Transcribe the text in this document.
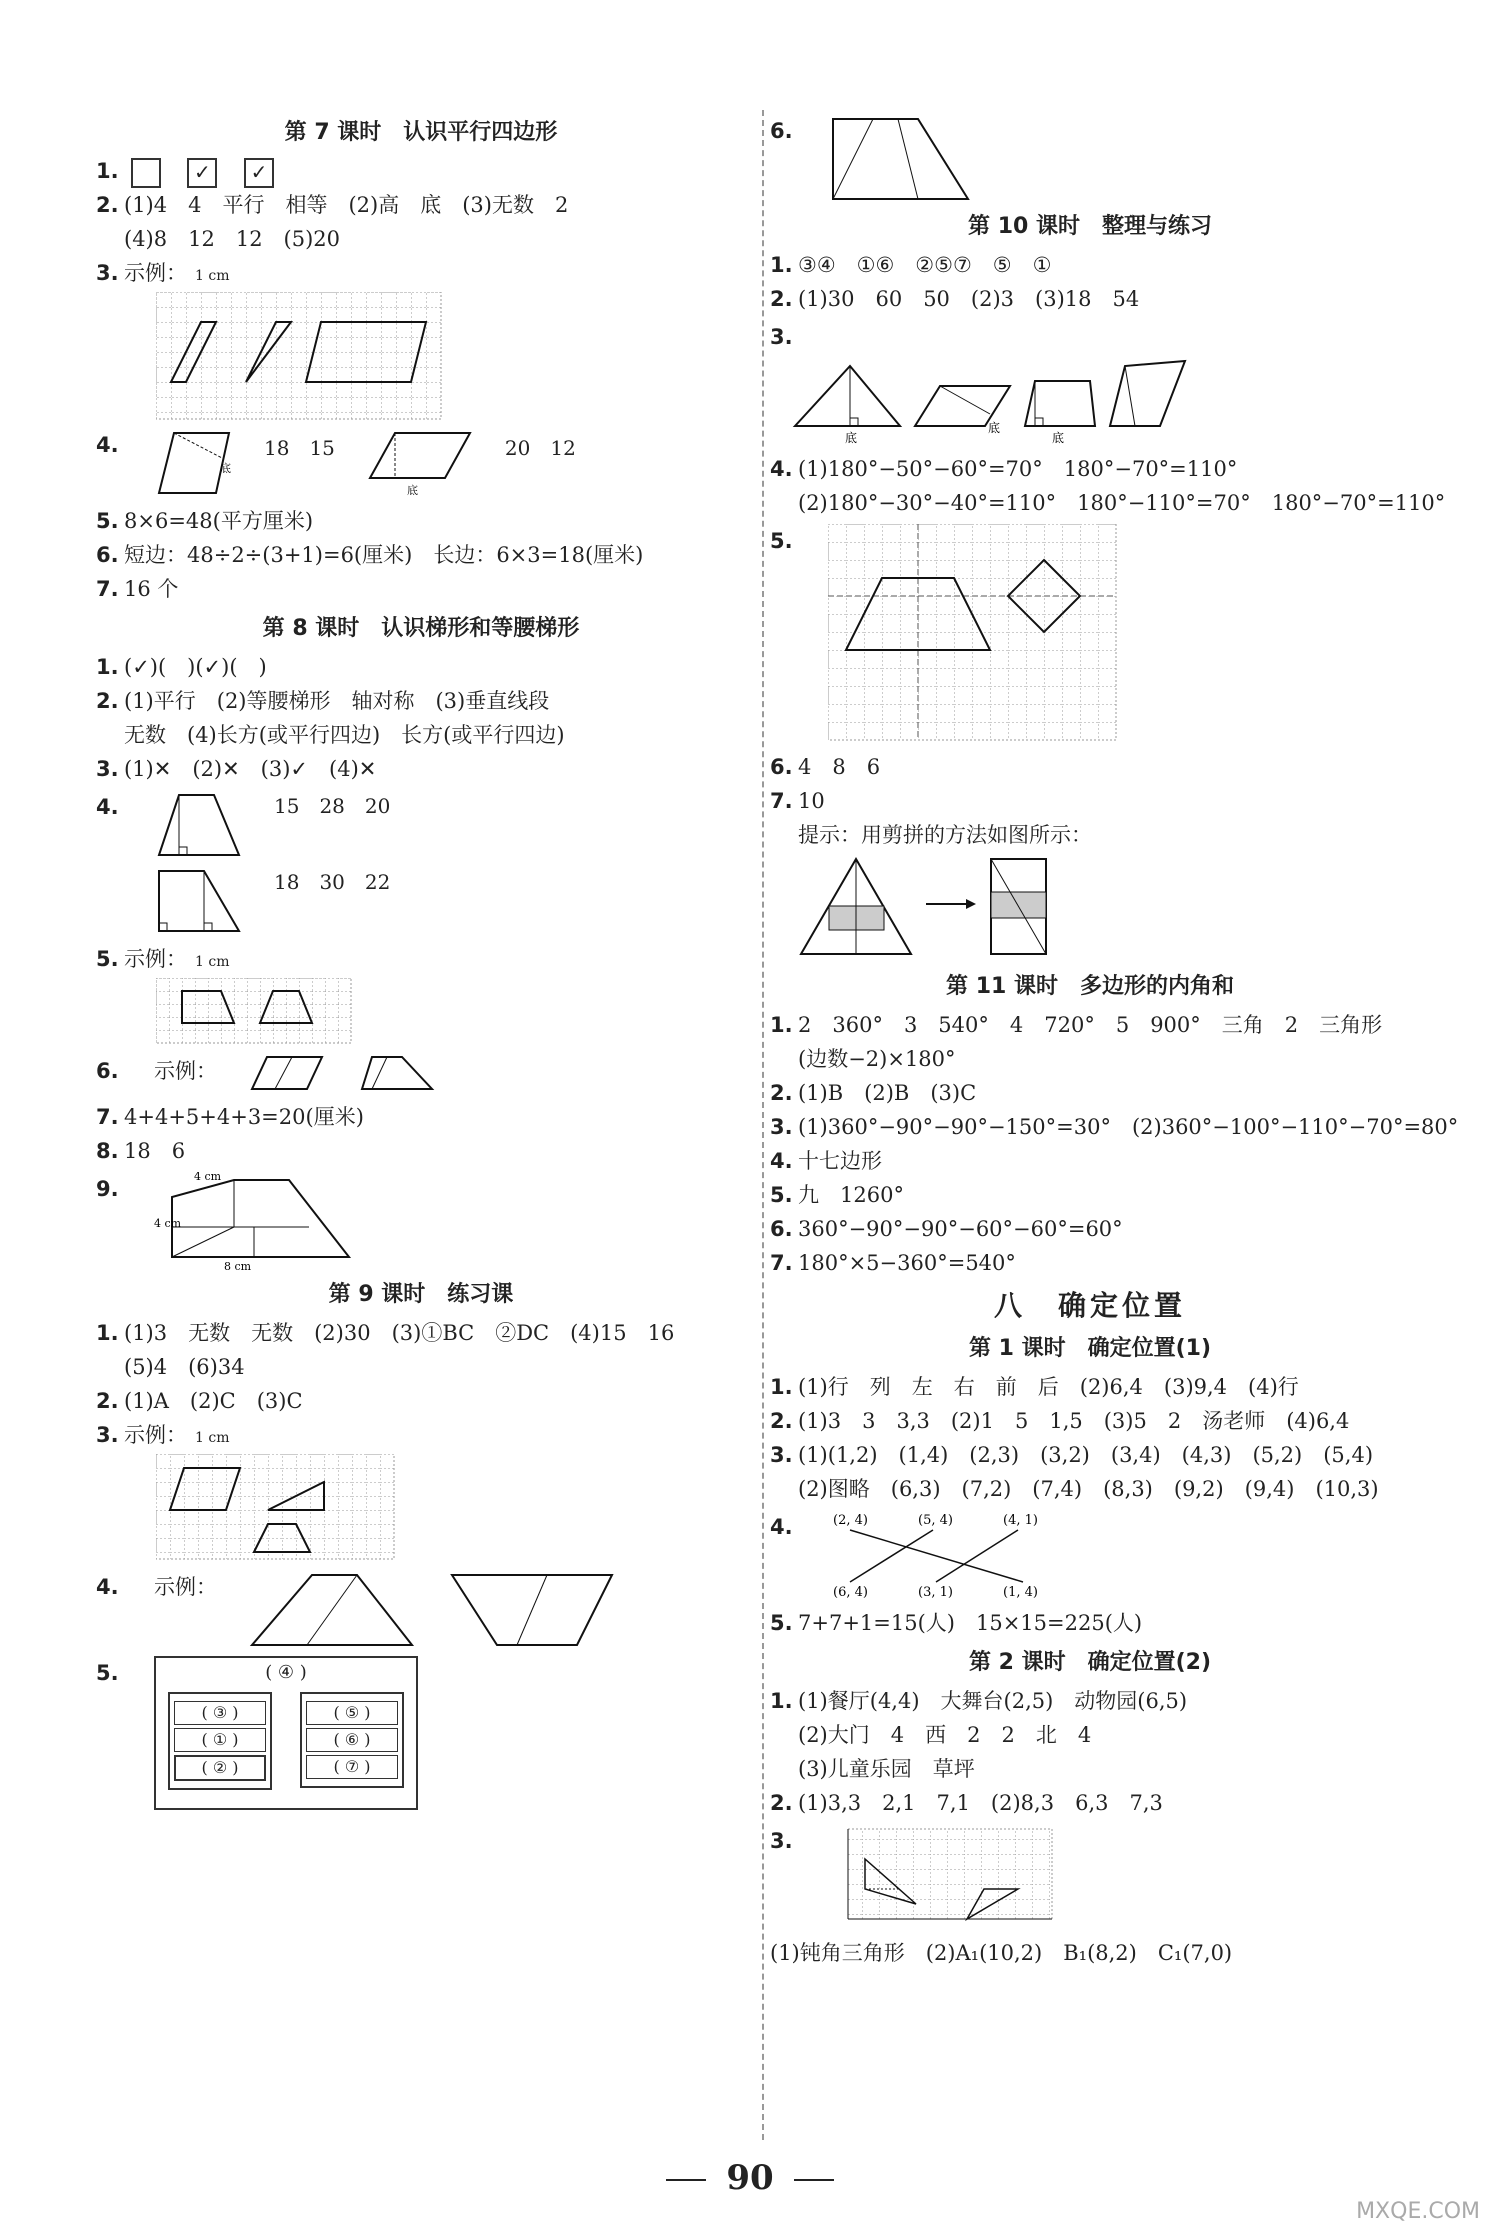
第 7 课时　认识平行四边形
1.	✓ ✓
2. (1)4　4　平行　相等　(2)高　底　(3)无数　2
(4)8　12　12　(5)20
3. 示例： 1 cm
4.
底
18　15
底
20　12
5. 8×6=48(平方厘米)
6. 短边：48÷2÷(3+1)=6(厘米)　长边：6×3=18(厘米)
7. 16 个
第 8 课时　认识梯形和等腰梯形
1. (✓)(　)(✓)(　)
2. (1)平行　(2)等腰梯形　轴对称　(3)垂直线段
无数　(4)长方(或平行四边)　长方(或平行四边)
3. (1)✕　(2)✕　(3)✓　(4)✕
4.	15　28　20
18　30　22
5. 示例： 1 cm
6. 示例：
7. 4+4+5+4+3=20(厘米)
8. 18　6
9.
4 cm
4 cm
8 cm
第 9 课时　练习课
1. (1)3　无数　无数　(2)30　(3)①BC　②DC　(4)15　16
(5)4　(6)34
2. (1)A　(2)C　(3)C
3. 示例： 1 cm
4. 示例：
5.	( ④ )
( ③ )
( ① )
( ② )
( ⑤ )
( ⑥ )
( ⑦ )
6.
第 10 课时　整理与练习
1. ③④　①⑥　②⑤⑦　⑤　①
2. (1)30　60　50　(2)3　(3)18　54
3.
底
底
底
4. (1)180°−50°−60°=70°　180°−70°=110°
(2)180°−30°−40°=110°　180°−110°=70°　180°−70°=110°
5.
6. 4　8　6
7. 10
提示：用剪拼的方法如图所示：
第 11 课时　多边形的内角和
1. 2　360°　3　540°　4　720°　5　900°　三角　2　三角形
(边数−2)×180°
2. (1)B　(2)B　(3)C
3. (1)360°−90°−90°−150°=30°　(2)360°−100°−110°−70°=80°
4. 十七边形
5. 九　1260°
6. 360°−90°−90°−60°−60°=60°
7. 180°×5−360°=540°
八　确定位置
第 1 课时　确定位置(1)
1. (1)行　列　左　右　前　后　(2)6,4　(3)9,4　(4)行
2. (1)3　3　3,3　(2)1　5　1,5　(3)5　2　汤老师　(4)6,4
3. (1)(1,2)　(1,4)　(2,3)　(3,2)　(3,4)　(4,3)　(5,2)　(5,4)
(2)图略　(6,3)　(7,2)　(7,4)　(8,3)　(9,2)　(9,4)　(10,3)
4.	(2, 4)	(5, 4)	(4, 1)
(6, 4)	(3, 1)	(1, 4)
5. 7+7+1=15(人)　15×15=225(人)
第 2 课时　确定位置(2)
1. (1)餐厅(4,4)　大舞台(2,5)　动物园(6,5)
(2)大门　4　西　2　2　北　4
(3)儿童乐园　草坪
2. (1)3,3　2,1　7,1　(2)8,3　6,3　7,3
3.
(1)钝角三角形　(2)A₁(10,2)　B₁(8,2)　C₁(7,0)
90
MXQE.COM
